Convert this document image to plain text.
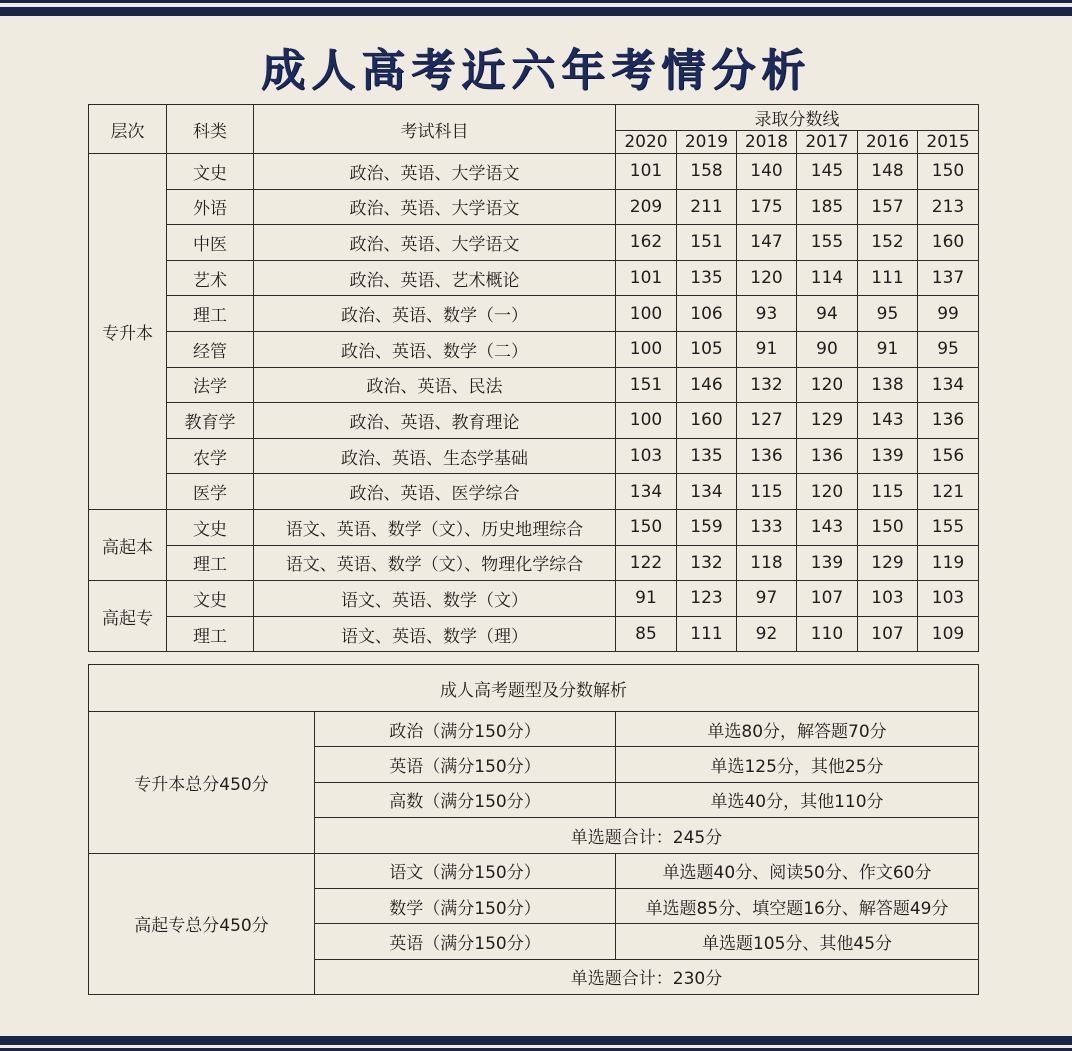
成人高考近六年考情分析
层次	科类	考试科目	录取分数线					
			2020	2019	2018	2017	2016	2015
专升本	文史	政治、英语、大学语文	101	158	140	145	148	150
	外语	政治、英语、大学语文	209	211	175	185	157	213
	中医	政治、英语、大学语文	162	151	147	155	152	160
	艺术	政治、英语、艺术概论	101	135	120	114	111	137
	理工	政治、英语、数学（一）	100	106	93	94	95	99
	经管	政治、英语、数学（二）	100	105	91	90	91	95
	法学	政治、英语、民法	151	146	132	120	138	134
	教育学	政治、英语、教育理论	100	160	127	129	143	136
	农学	政治、英语、生态学基础	103	135	136	136	139	156
	医学	政治、英语、医学综合	134	134	115	120	115	121
高起本	文史	语文、英语、数学（文）、历史地理综合	150	159	133	143	150	155
	理工	语文、英语、数学（文）、物理化学综合	122	132	118	139	129	119
高起专	文史	语文、英语、数学（文）	91	123	97	107	103	103
	理工	语文、英语、数学（理）	85	111	92	110	107	109
成人高考题型及分数解析		
专升本总分450分	政治（满分150分）	单选80分，解答题70分
	英语（满分150分）	单选125分，其他25分
	高数（满分150分）	单选40分，其他110分
	单选题合计：245分	
高起专总分450分	语文（满分150分）	单选题40分、阅读50分、作文60分
	数学（满分150分）	单选题85分、填空题16分、解答题49分
	英语（满分150分）	单选题105分、其他45分
	单选题合计：230分	
